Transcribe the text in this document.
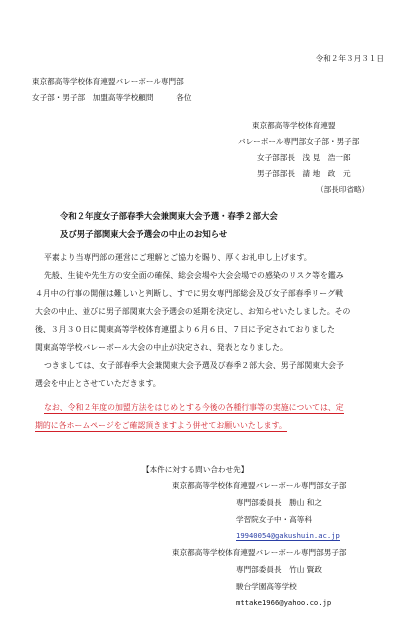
令和２年３月３１日
東京都高等学校体育連盟バレーボール専門部
女子部・男子部　加盟高等学校顧問　　　各位
東京都高等学校体育連盟
バレーボール専門部女子部・男子部
女子部部長　浅 見　浩一郎
男子部部長　請 地　政　元
（部長印省略）
令和２年度女子部春季大会兼関東大会予選・春季２部大会
及び男子部関東大会予選会の中止のお知らせ
平素より当専門部の運営にご理解とご協力を賜り、厚くお礼申し上げます。
先般、生徒や先生方の安全面の確保、総会会場や大会会場での感染のリスク等を鑑み
４月中の行事の開催は難しいと判断し、すでに男女専門部総会及び女子部春季リーグ戦
大会の中止、並びに男子部関東大会予選会の延期を決定し、お知らせいたしました。その
後、３月３０日に関東高等学校体育連盟より６月６日、７日に予定されておりました
関東高等学校バレーボール大会の中止が決定され、発表となりました。
つきましては、女子部春季大会兼関東大会予選及び春季２部大会、男子部関東大会予
選会を中止とさせていただきます。
なお、令和２年度の加盟方法をはじめとする今後の各種行事等の実施については、定
期的に各ホームページをご確認頂きますよう併せてお願いいたします。
【本件に対する問い合わせ先】
東京都高等学校体育連盟バレーボール専門部女子部
専門部委員長　勝山 和之
学習院女子中・高等科
19940054@gakushuin.ac.jp
東京都高等学校体育連盟バレーボール専門部男子部
専門部委員長　竹山 賢政
駿台学園高等学校
mttake1966@yahoo.co.jp
